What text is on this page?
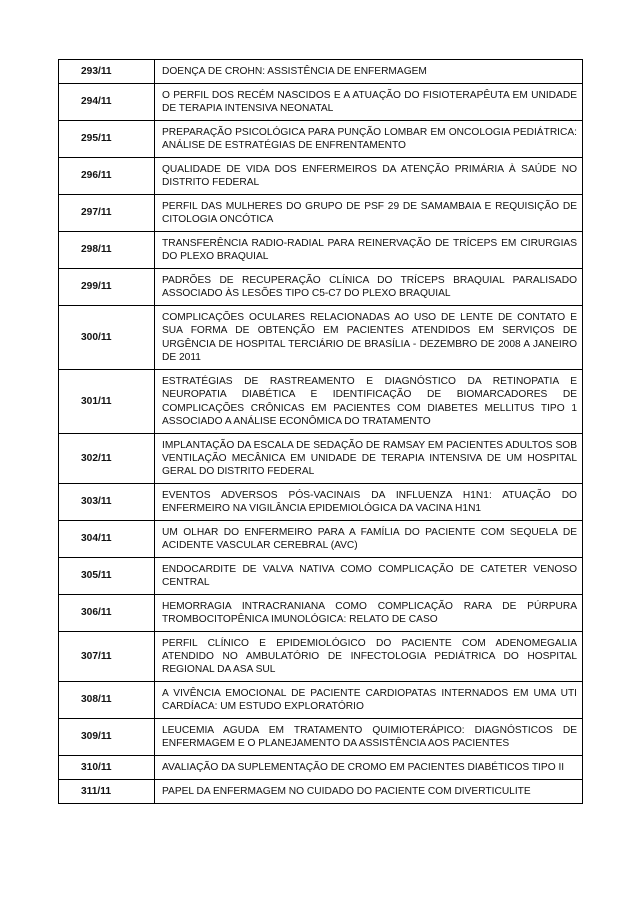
293/11	DOENÇA DE CROHN: ASSISTÊNCIA DE ENFERMAGEM
294/11	O PERFIL DOS RECÉM NASCIDOS E A ATUAÇÃO DO FISIOTERAPÊUTA EM UNIDADE DE TERAPIA INTENSIVA NEONATAL
295/11	PREPARAÇÃO PSICOLÓGICA PARA PUNÇÃO LOMBAR EM ONCOLOGIA PEDIÁTRICA: ANÁLISE DE ESTRATÉGIAS DE ENFRENTAMENTO
296/11	QUALIDADE DE VIDA DOS ENFERMEIROS DA ATENÇÃO PRIMÁRIA À SAÚDE NO DISTRITO FEDERAL
297/11	PERFIL DAS MULHERES DO GRUPO DE PSF 29 DE SAMAMBAIA E REQUISIÇÃO DE CITOLOGIA ONCÓTICA
298/11	TRANSFERÊNCIA RADIO-RADIAL PARA REINERVAÇÃO DE TRÍCEPS EM CIRURGIAS DO PLEXO BRAQUIAL
299/11	PADRÕES DE RECUPERAÇÃO CLÍNICA DO TRÍCEPS BRAQUIAL PARALISADO ASSOCIADO ÀS LESÕES TIPO C5-C7 DO PLEXO BRAQUIAL
300/11	COMPLICAÇÕES OCULARES RELACIONADAS AO USO DE LENTE DE CONTATO E SUA FORMA DE OBTENÇÃO EM PACIENTES ATENDIDOS EM SERVIÇOS DE URGÊNCIA DE HOSPITAL TERCIÁRIO DE BRASÍLIA - DEZEMBRO DE 2008 A JANEIRO DE 2011
301/11	ESTRATÉGIAS DE RASTREAMENTO E DIAGNÓSTICO DA RETINOPATIA E NEUROPATIA DIABÉTICA E IDENTIFICAÇÃO DE BIOMARCADORES DE COMPLICAÇÕES CRÔNICAS EM PACIENTES COM DIABETES MELLITUS TIPO 1 ASSOCIADO A ANÁLISE ECONÔMICA DO TRATAMENTO
302/11	IMPLANTAÇÃO DA ESCALA DE SEDAÇÃO DE RAMSAY EM PACIENTES ADULTOS SOB VENTILAÇÃO MECÂNICA EM UNIDADE DE TERAPIA INTENSIVA DE UM HOSPITAL GERAL DO DISTRITO FEDERAL
303/11	EVENTOS ADVERSOS PÓS-VACINAIS DA INFLUENZA H1N1: ATUAÇÃO DO ENFERMEIRO NA VIGILÂNCIA EPIDEMIOLÓGICA DA VACINA H1N1
304/11	UM OLHAR DO ENFERMEIRO PARA A FAMÍLIA DO PACIENTE COM SEQUELA DE ACIDENTE VASCULAR CEREBRAL (AVC)
305/11	ENDOCARDITE DE VALVA NATIVA COMO COMPLICAÇÃO DE CATETER VENOSO CENTRAL
306/11	HEMORRAGIA INTRACRANIANA COMO COMPLICAÇÃO RARA DE PÚRPURA TROMBOCITOPÊNICA IMUNOLÓGICA: RELATO DE CASO
307/11	PERFIL CLÍNICO E EPIDEMIOLÓGICO DO PACIENTE COM ADENOMEGALIA ATENDIDO NO AMBULATÓRIO DE INFECTOLOGIA PEDIÁTRICA DO HOSPITAL REGIONAL DA ASA SUL
308/11	A VIVÊNCIA EMOCIONAL DE PACIENTE CARDIOPATAS INTERNADOS EM UMA UTI CARDÍACA: UM ESTUDO EXPLORATÓRIO
309/11	LEUCEMIA AGUDA EM TRATAMENTO QUIMIOTERÁPICO: DIAGNÓSTICOS DE ENFERMAGEM E O PLANEJAMENTO DA ASSISTÊNCIA AOS PACIENTES
310/11	AVALIAÇÃO DA SUPLEMENTAÇÃO DE CROMO EM PACIENTES DIABÉTICOS TIPO II
311/11	PAPEL DA ENFERMAGEM NO CUIDADO DO PACIENTE COM DIVERTICULITE
